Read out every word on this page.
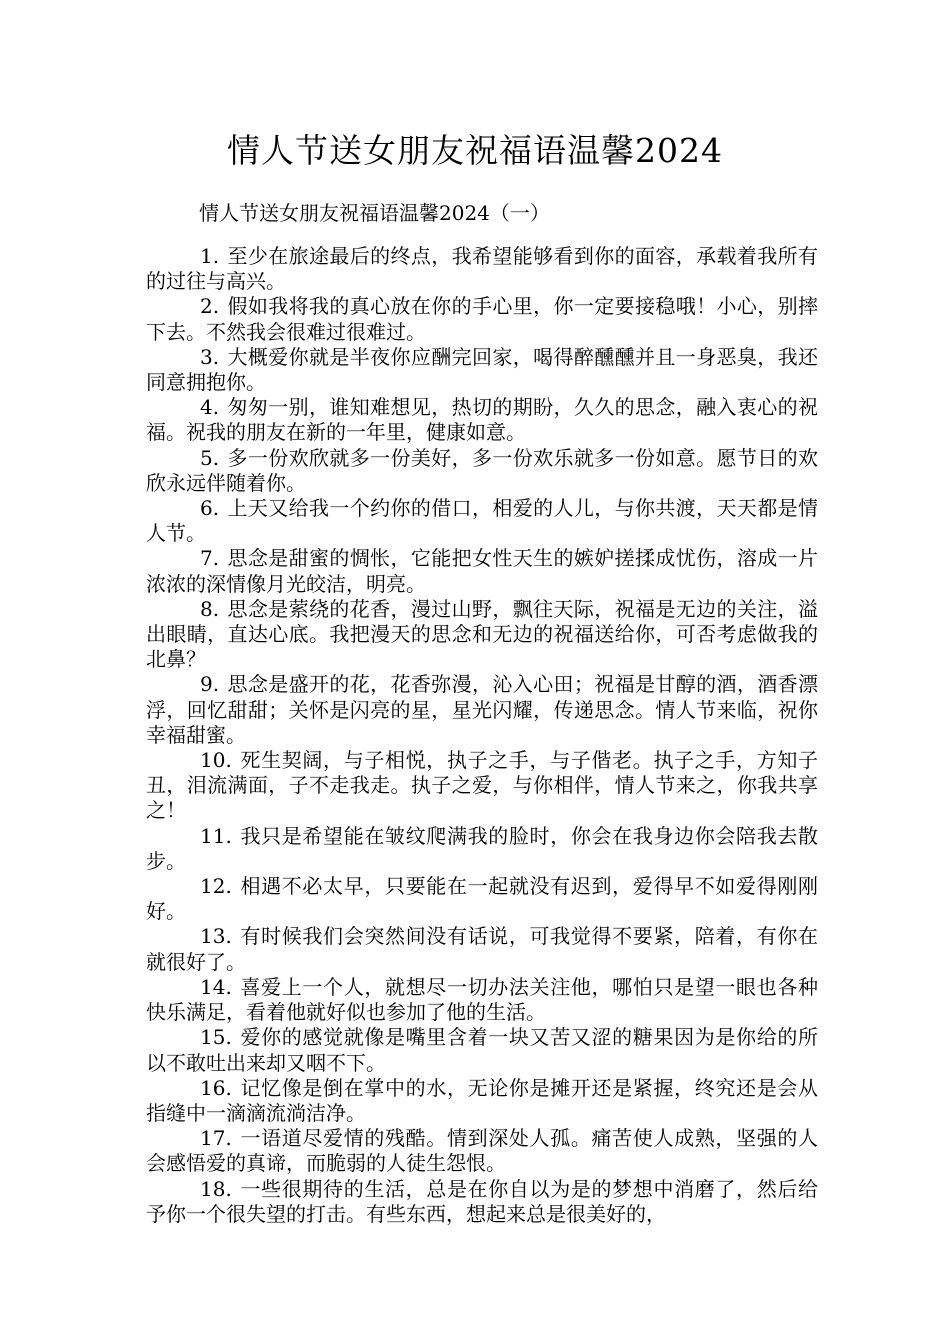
情人节送女朋友祝福语温馨2024

情人节送女朋友祝福语温馨2024（一）

1. 至少在旅途最后的终点，我希望能够看到你的面容，承载着我所有的过往与高兴。
2. 假如我将我的真心放在你的手心里，你一定要接稳哦！小心，别摔下去。不然我会很难过很难过。
3. 大概爱你就是半夜你应酬完回家，喝得醉醺醺并且一身恶臭，我还同意拥抱你。
4. 匆匆一别，谁知难想见，热切的期盼，久久的思念，融入衷心的祝福。祝我的朋友在新的一年里，健康如意。
5. 多一份欢欣就多一份美好，多一份欢乐就多一份如意。愿节日的欢欣永远伴随着你。
6. 上天又给我一个约你的借口，相爱的人儿，与你共渡，天天都是情人节。
7. 思念是甜蜜的惆怅，它能把女性天生的嫉妒搓揉成忧伤，溶成一片浓浓的深情像月光皎洁，明亮。
8. 思念是萦绕的花香，漫过山野，飘往天际，祝福是无边的关注，溢出眼睛，直达心底。我把漫天的思念和无边的祝福送给你，可否考虑做我的北鼻？
9. 思念是盛开的花，花香弥漫，沁入心田；祝福是甘醇的酒，酒香漂浮，回忆甜甜；关怀是闪亮的星，星光闪耀，传递思念。情人节来临，祝你幸福甜蜜。
10. 死生契阔，与子相悦，执子之手，与子偕老。执子之手，方知子丑，泪流满面，子不走我走。执子之爱，与你相伴，情人节来之，你我共享之！
11. 我只是希望能在皱纹爬满我的脸时，你会在我身边你会陪我去散步。
12. 相遇不必太早，只要能在一起就没有迟到，爱得早不如爱得刚刚好。
13. 有时候我们会突然间没有话说，可我觉得不要紧，陪着，有你在就很好了。
14. 喜爱上一个人，就想尽一切办法关注他，哪怕只是望一眼也各种快乐满足，看着他就好似也参加了他的生活。
15. 爱你的感觉就像是嘴里含着一块又苦又涩的糖果因为是你给的所以不敢吐出来却又咽不下。
16. 记忆像是倒在掌中的水，无论你是摊开还是紧握，终究还是会从指缝中一滴滴流淌洁净。
17. 一语道尽爱情的残酷。情到深处人孤。痛苦使人成熟，坚强的人会感悟爱的真谛，而脆弱的人徒生怨恨。
18. 一些很期待的生活，总是在你自以为是的梦想中消磨了，然后给予你一个很失望的打击。有些东西，想起来总是很美好的，
